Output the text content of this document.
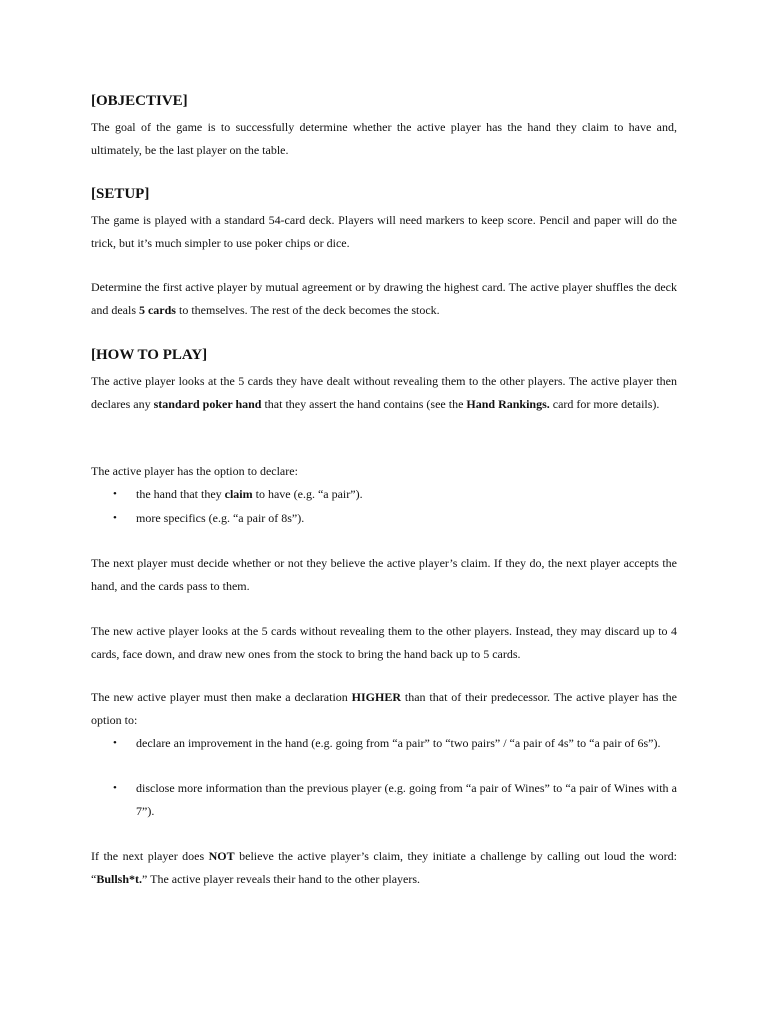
[OBJECTIVE]

The goal of the game is to successfully determine whether the active player has the hand they claim to have and, ultimately, be the last player on the table.

[SETUP]

The game is played with a standard 54-card deck. Players will need markers to keep score. Pencil and paper will do the trick, but it’s much simpler to use poker chips or dice.

Determine the first active player by mutual agreement or by drawing the highest card. The active player shuffles the deck and deals 5 cards to themselves. The rest of the deck becomes the stock.

[HOW TO PLAY]

The active player looks at the 5 cards they have dealt without revealing them to the other players. The active player then declares any standard poker hand that they assert the hand contains (see the Hand Rankings. card for more details).

The active player has the option to declare:

• the hand that they claim to have (e.g. “a pair”).
• more specifics (e.g. “a pair of 8s”).

The next player must decide whether or not they believe the active player’s claim. If they do, the next player accepts the hand, and the cards pass to them.

The new active player looks at the 5 cards without revealing them to the other players. Instead, they may discard up to 4 cards, face down, and draw new ones from the stock to bring the hand back up to 5 cards.

The new active player must then make a declaration HIGHER than that of their predecessor. The active player has the option to:

• declare an improvement in the hand (e.g. going from “a pair” to “two pairs” / “a pair of 4s” to “a pair of 6s”).
• disclose more information than the previous player (e.g. going from “a pair of Wines” to “a pair of Wines with a 7”).

If the next player does NOT believe the active player’s claim, they initiate a challenge by calling out loud the word: “Bullsh*t.” The active player reveals their hand to the other players.
